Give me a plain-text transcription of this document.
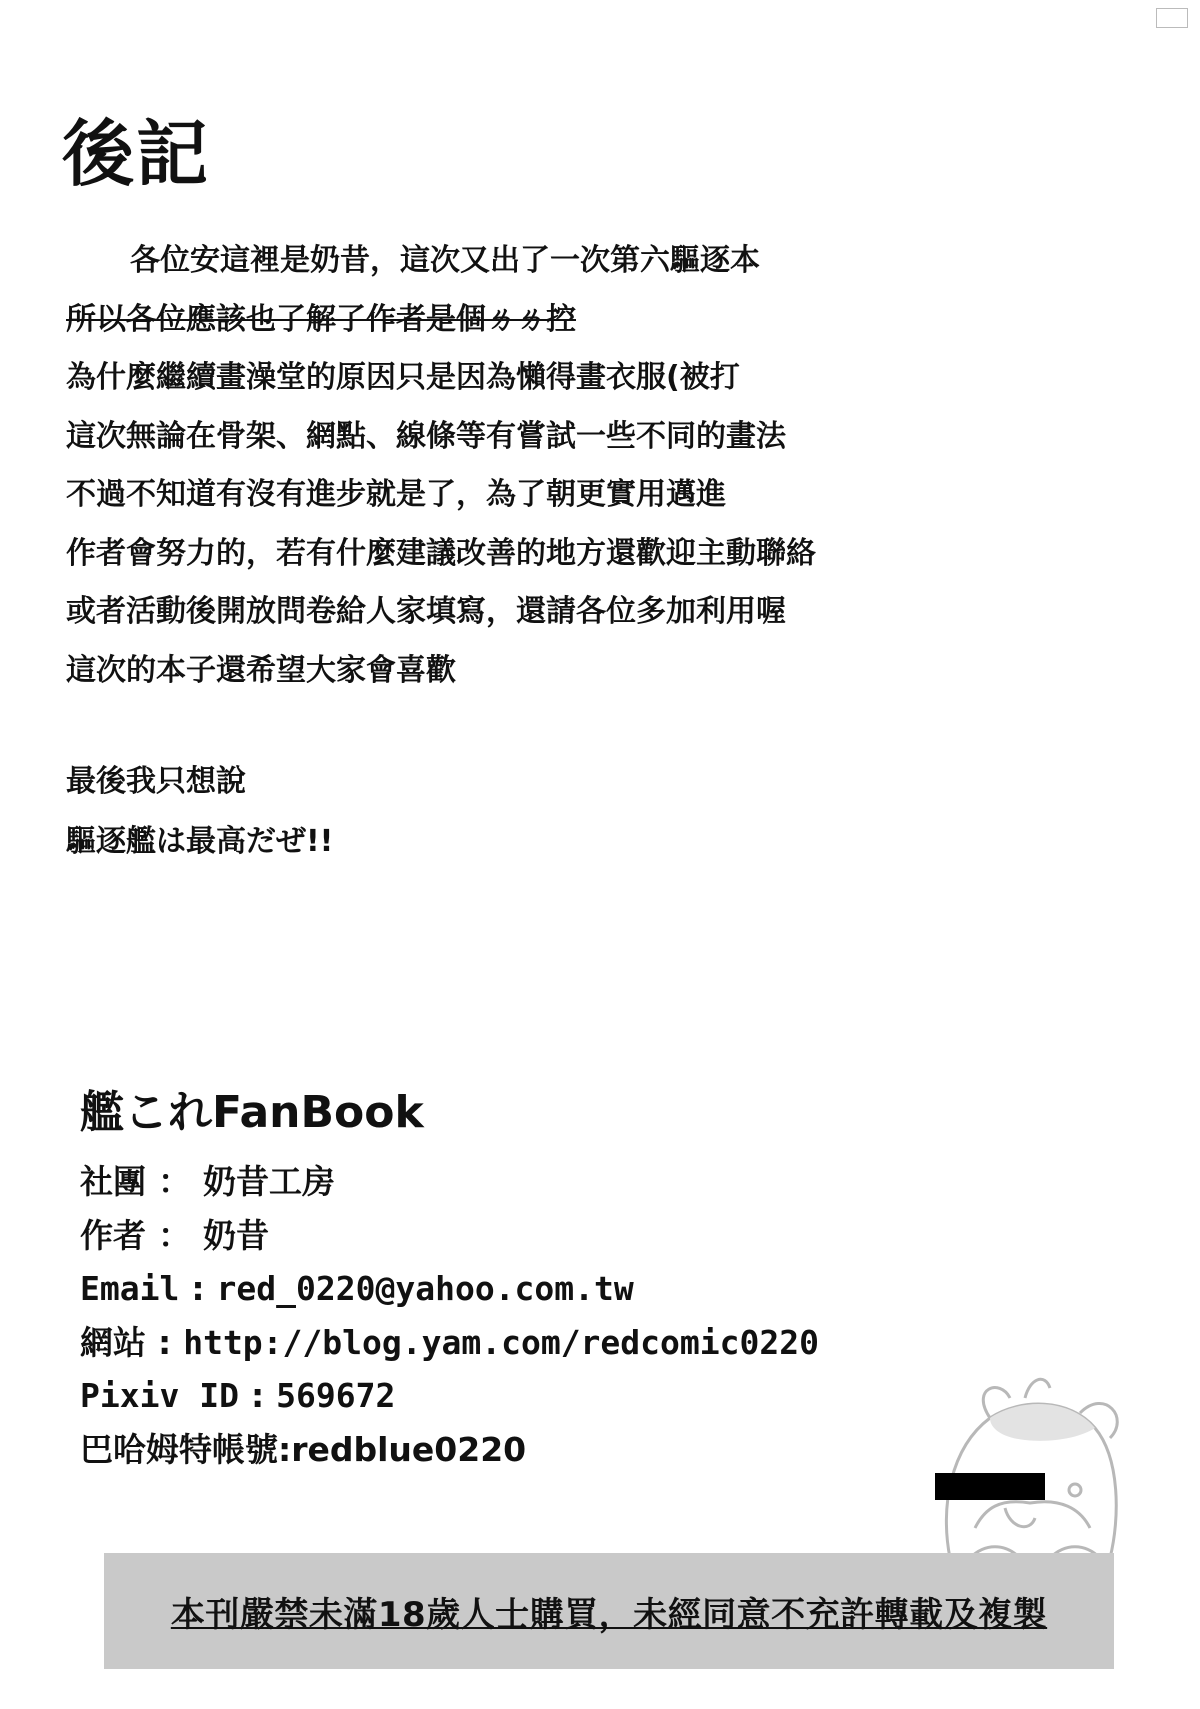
後記
各位安這裡是奶昔，這次又出了一次第六驅逐本
所以各位應該也了解了作者是個ㄌㄌ控
為什麼繼續畫澡堂的原因只是因為懶得畫衣服(被打
這次無論在骨架、網點、線條等有嘗試一些不同的畫法
不過不知道有沒有進步就是了，為了朝更實用邁進
作者會努力的，若有什麼建議改善的地方還歡迎主動聯絡
或者活動後開放問卷給人家填寫，還請各位多加利用喔
這次的本子還希望大家會喜歡
最後我只想說
驅逐艦は最高だぜ!!
艦これFanBook
社團 ： 奶昔工房
作者 ： 奶昔
Email : red_0220@yahoo.com.tw
網站 : http://blog.yam.com/redcomic0220
Pixiv ID : 569672
巴哈姆特帳號:redblue0220
本刊嚴禁未滿18歲人士購買，未經同意不充許轉載及複製
